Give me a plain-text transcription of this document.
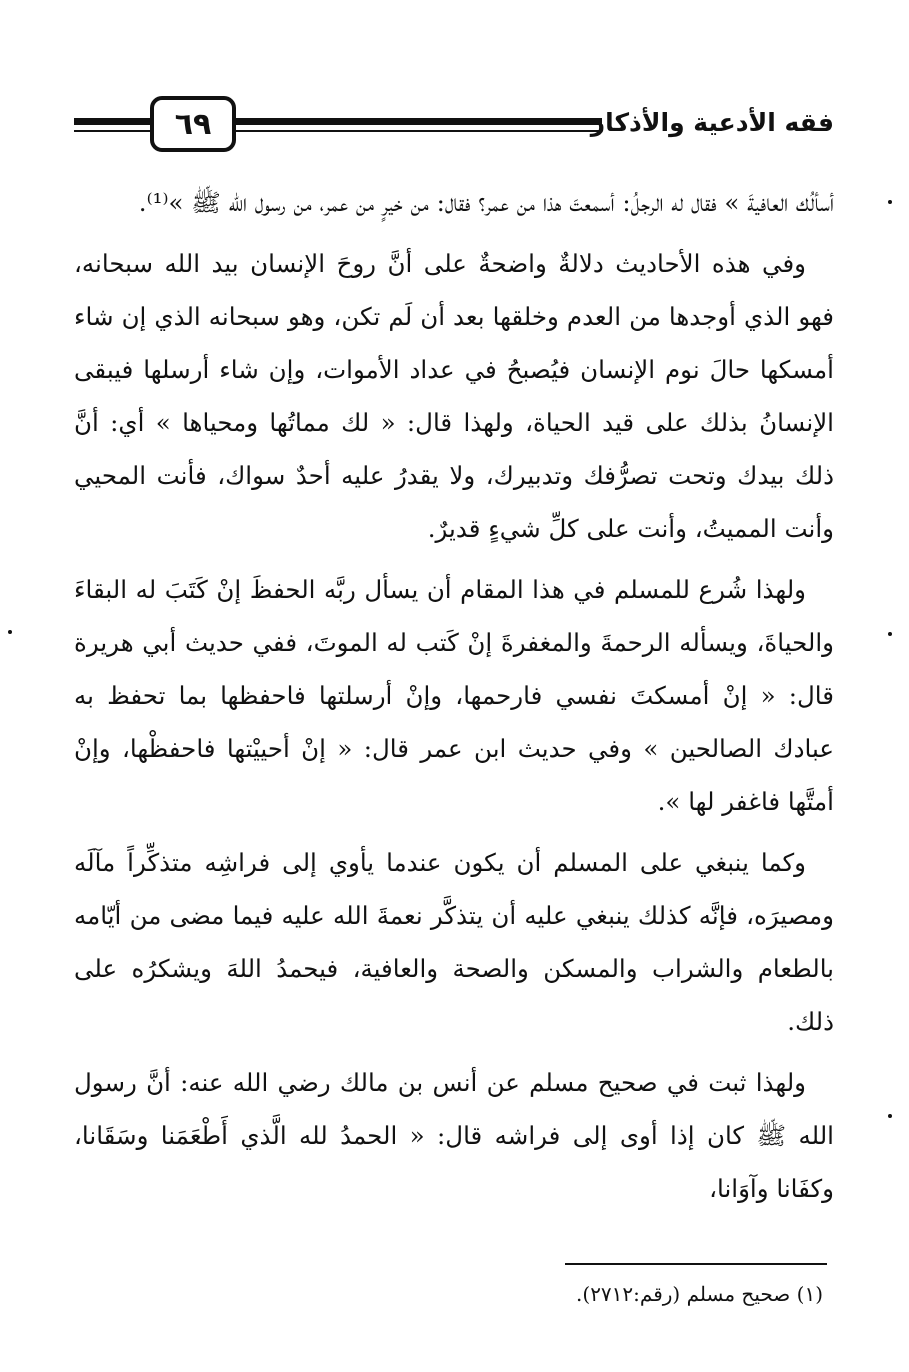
٦٩	فقه الأدعية والأذكار

أسألُك العافيةَ » فقال له الرجلُ: أسمعتَ هذا من عمر؟ فقال: من خيرٍ من عمر، من رسول الله ﷺ »⁽¹⁾.

وفي هذه الأحاديث دلالةٌ واضحةٌ على أنَّ روحَ الإنسان بيد الله سبحانه، فهو الذي أوجدها من العدم وخلقها بعد أن لَم تكن، وهو سبحانه الذي إن شاء أمسكها حالَ نوم الإنسان فيُصبحُ في عداد الأموات، وإن شاء أرسلها فيبقى الإنسانُ بذلك على قيد الحياة، ولهذا قال: « لك مماتُها ومحياها » أي: أنَّ ذلك بيدك وتحت تصرُّفك وتدبيرك، ولا يقدرُ عليه أحدٌ سواك، فأنت المحيي وأنت المميتُ، وأنت على كلِّ شيءٍ قديرٌ.

ولهذا شُرع للمسلم في هذا المقام أن يسأل ربَّه الحفظَ إنْ كَتَبَ له البقاءَ والحياةَ، ويسأله الرحمةَ والمغفرةَ إنْ كَتب له الموتَ، ففي حديث أبي هريرة قال: « إنْ أمسكتَ نفسي فارحمها، وإنْ أرسلتها فاحفظها بما تحفظ به عبادك الصالحين » وفي حديث ابن عمر قال: « إنْ أحييْتها فاحفظْها، وإنْ أمتَّها فاغفر لها ».

وكما ينبغي على المسلم أن يكون عندما يأوي إلى فراشِه متذكِّراً مآلَه ومصيرَه، فإنَّه كذلك ينبغي عليه أن يتذكَّر نعمةَ الله عليه فيما مضى من أيّامه بالطعام والشراب والمسكن والصحة والعافية، فيحمدُ اللهَ ويشكرُه على ذلك.

ولهذا ثبت في صحيح مسلم عن أنس بن مالك رضي الله عنه: أنَّ رسول الله ﷺ كان إذا أوى إلى فراشه قال: « الحمدُ لله الَّذي أَطْعَمَنا وسَقَانا، وكفَانا وآوَانا،

(١) صحيح مسلم (رقم:٢٧١٢).
